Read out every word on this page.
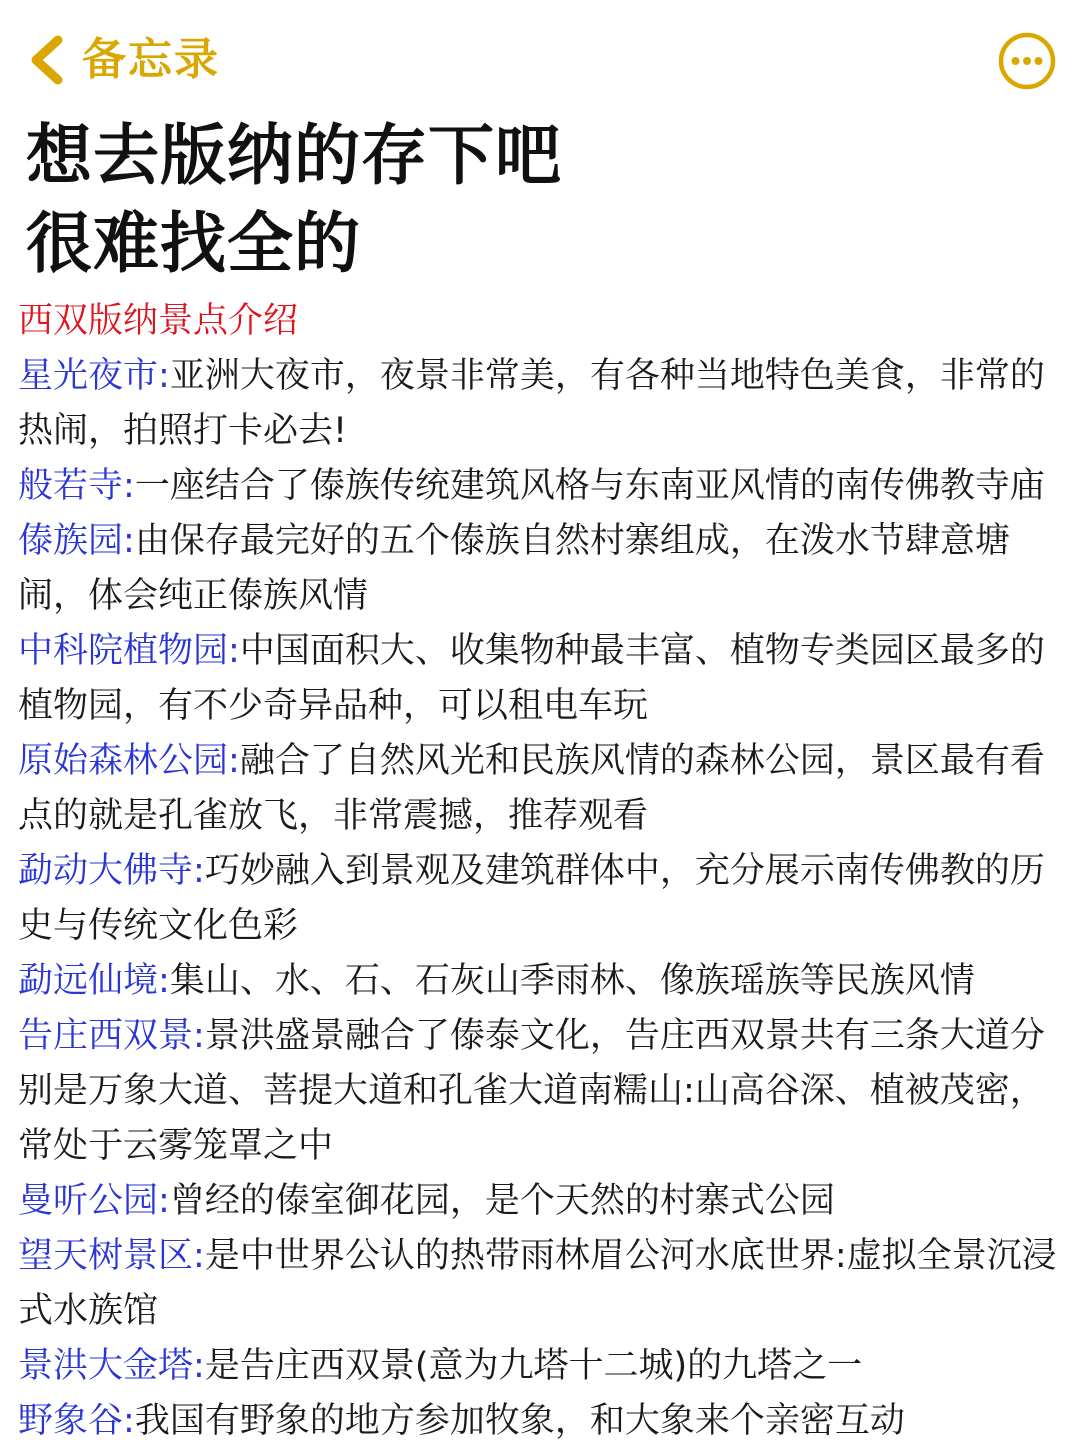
备忘录
想去版纳的存下吧
很难找全的
西双版纳景点介绍
星光夜市:亚洲大夜市，夜景非常美，有各种当地特色美食，非常的热闹，拍照打卡必去!
般若寺:一座结合了傣族传统建筑风格与东南亚风情的南传佛教寺庙
傣族园:由保存最完好的五个傣族自然村寨组成，在泼水节肆意塘闹，体会纯正傣族风情
中科院植物园:中国面积大、收集物种最丰富、植物专类园区最多的植物园，有不少奇异品种，可以租电车玩
原始森林公园:融合了自然风光和民族风情的森林公园，景区最有看点的就是孔雀放飞，非常震撼，推荐观看
勐动大佛寺:巧妙融入到景观及建筑群体中，充分展示南传佛教的历史与传统文化色彩
勐远仙境:集山、水、石、石灰山季雨林、像族瑶族等民族风情
告庄西双景:景洪盛景融合了傣泰文化，告庄西双景共有三条大道分别是万象大道、菩提大道和孔雀大道南糯山:山高谷深、植被茂密，常处于云雾笼罩之中
曼听公园:曾经的傣室御花园，是个天然的村寨式公园
望天树景区:是中世界公认的热带雨林眉公河水底世界:虚拟全景沉浸式水族馆
景洪大金塔:是告庄西双景(意为九塔十二城)的九塔之一
野象谷:我国有野象的地方参加牧象，和大象来个亲密互动
